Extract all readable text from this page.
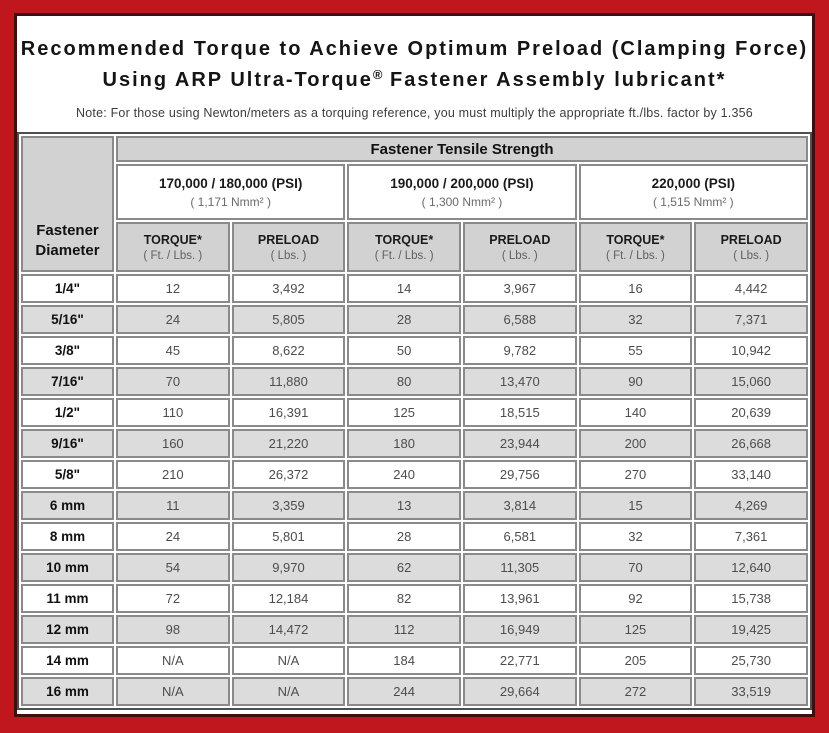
Recommended Torque to Achieve Optimum Preload (Clamping Force)
Using ARP Ultra-Torque® Fastener Assembly lubricant*

Note: For those using Newton/meters as a torquing reference, you must multiply the appropriate ft./lbs. factor by 1.356

Fastener
Diameter	Fastener Tensile Strength					

170,000 / 180,000 (PSI)
( 1,171 Nmm² )

190,000 / 200,000 (PSI)
( 1,300 Nmm² )

220,000 (PSI)
( 1,515 Nmm² )

TORQUE*
( Ft. / Lbs. )

PRELOAD
( Lbs. )

TORQUE*
( Ft. / Lbs. )

PRELOAD
( Lbs. )

TORQUE*
( Ft. / Lbs. )

PRELOAD
( Lbs. )

1/4"	12	3,492	14	3,967	16	4,442
5/16"	24	5,805	28	6,588	32	7,371
3/8"	45	8,622	50	9,782	55	10,942
7/16"	70	11,880	80	13,470	90	15,060
1/2"	110	16,391	125	18,515	140	20,639
9/16"	160	21,220	180	23,944	200	26,668
5/8"	210	26,372	240	29,756	270	33,140
6 mm	11	3,359	13	3,814	15	4,269
8 mm	24	5,801	28	6,581	32	7,361
10 mm	54	9,970	62	11,305	70	12,640
11 mm	72	12,184	82	13,961	92	15,738
12 mm	98	14,472	112	16,949	125	19,425
14 mm	N/A	N/A	184	22,771	205	25,730
16 mm	N/A	N/A	244	29,664	272	33,519
